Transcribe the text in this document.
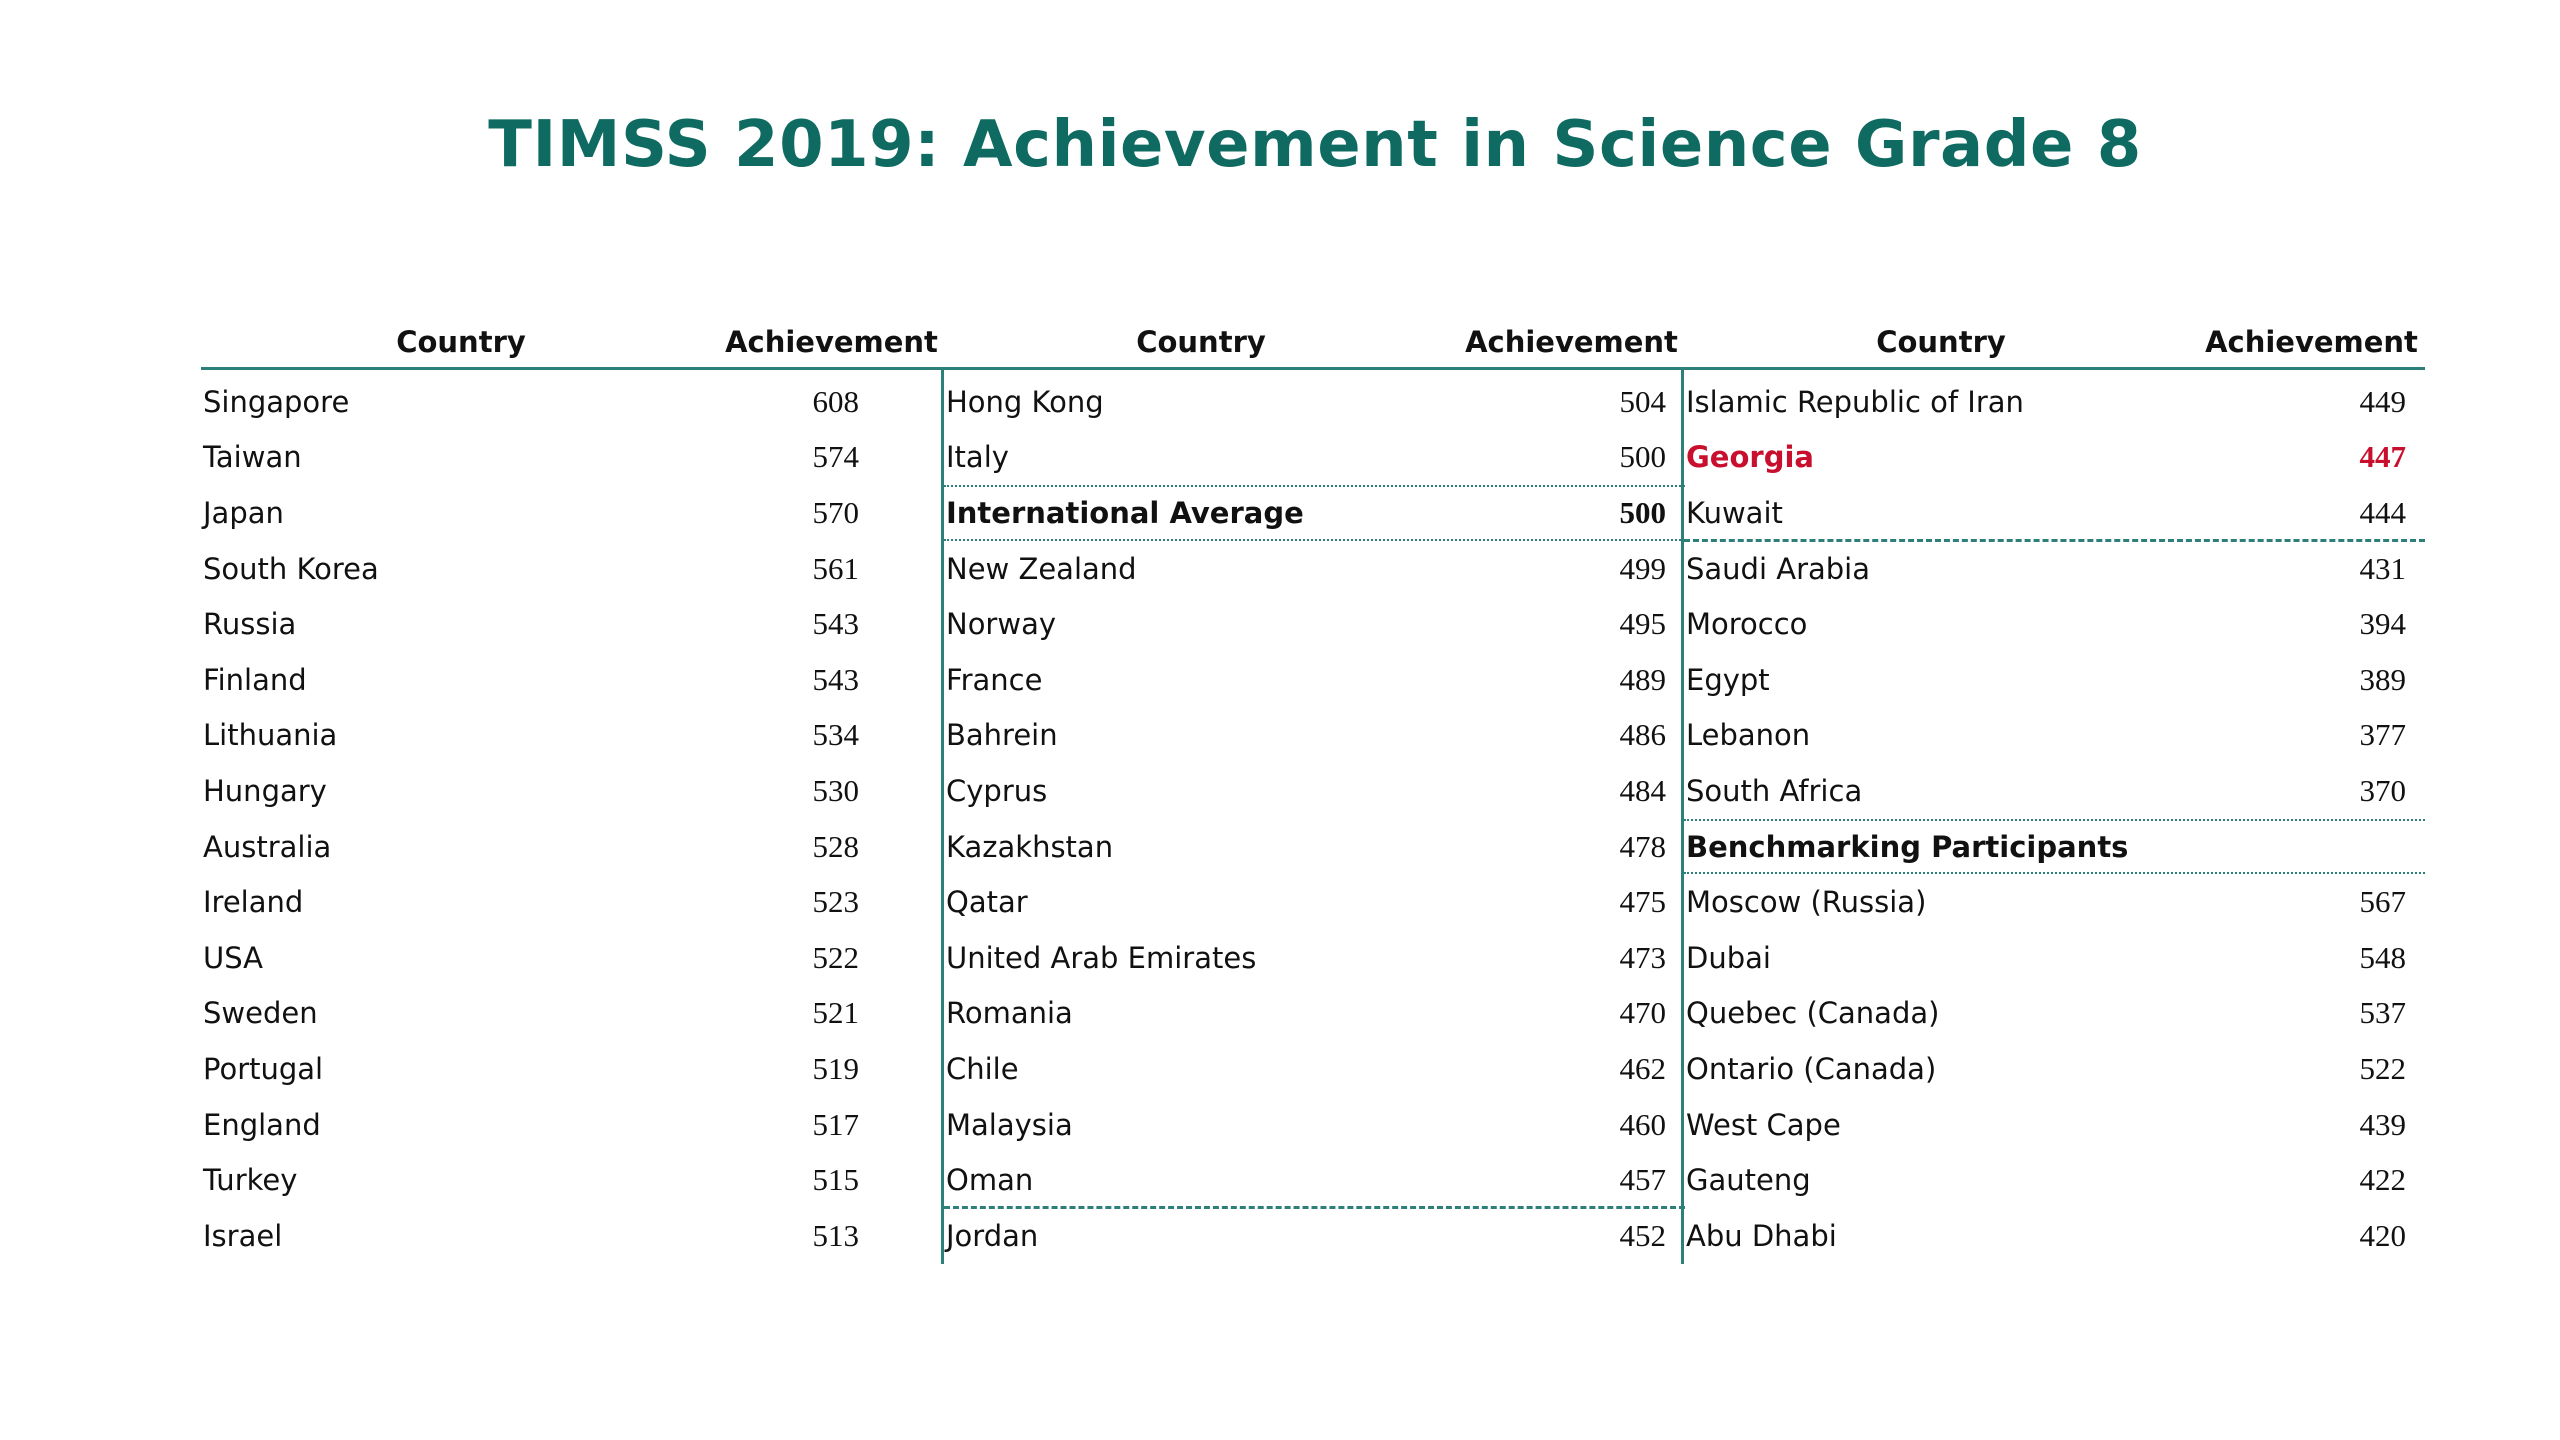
TIMSS 2019: Achievement in Science Grade 8
Country	Achievement
Singapore	608
Taiwan	574
Japan	570
South Korea	561
Russia	543
Finland	543
Lithuania	534
Hungary	530
Australia	528
Ireland	523
USA	522
Sweden	521
Portugal	519
England	517
Turkey	515
Israel	513
Country	Achievement
Hong Kong	504
Italy	500
International Average	500
New Zealand	499
Norway	495
France	489
Bahrein	486
Cyprus	484
Kazakhstan	478
Qatar	475
United Arab Emirates	473
Romania	470
Chile	462
Malaysia	460
Oman	457
Jordan	452
Country	Achievement
Islamic Republic of Iran	449
Georgia	447
Kuwait	444
Saudi Arabia	431
Morocco	394
Egypt	389
Lebanon	377
South Africa	370
Benchmarking Participants
Moscow (Russia)	567
Dubai	548
Quebec (Canada)	537
Ontario (Canada)	522
West Cape	439
Gauteng	422
Abu Dhabi	420
